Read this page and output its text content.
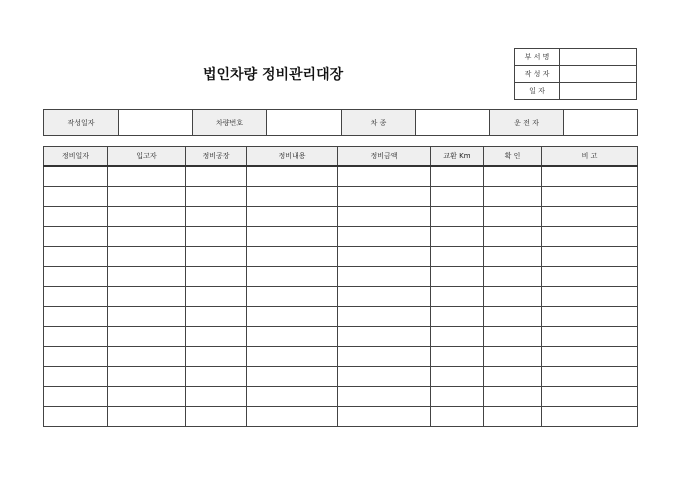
법인차량 정비관리대장
부 서 명	
작 성 자	
일 자	
작성일자		차량번호		차 종		운 전 자	
정비일자	입고자	정비공장	정비내용	정비금액	교환 Km	확 인	비 고
